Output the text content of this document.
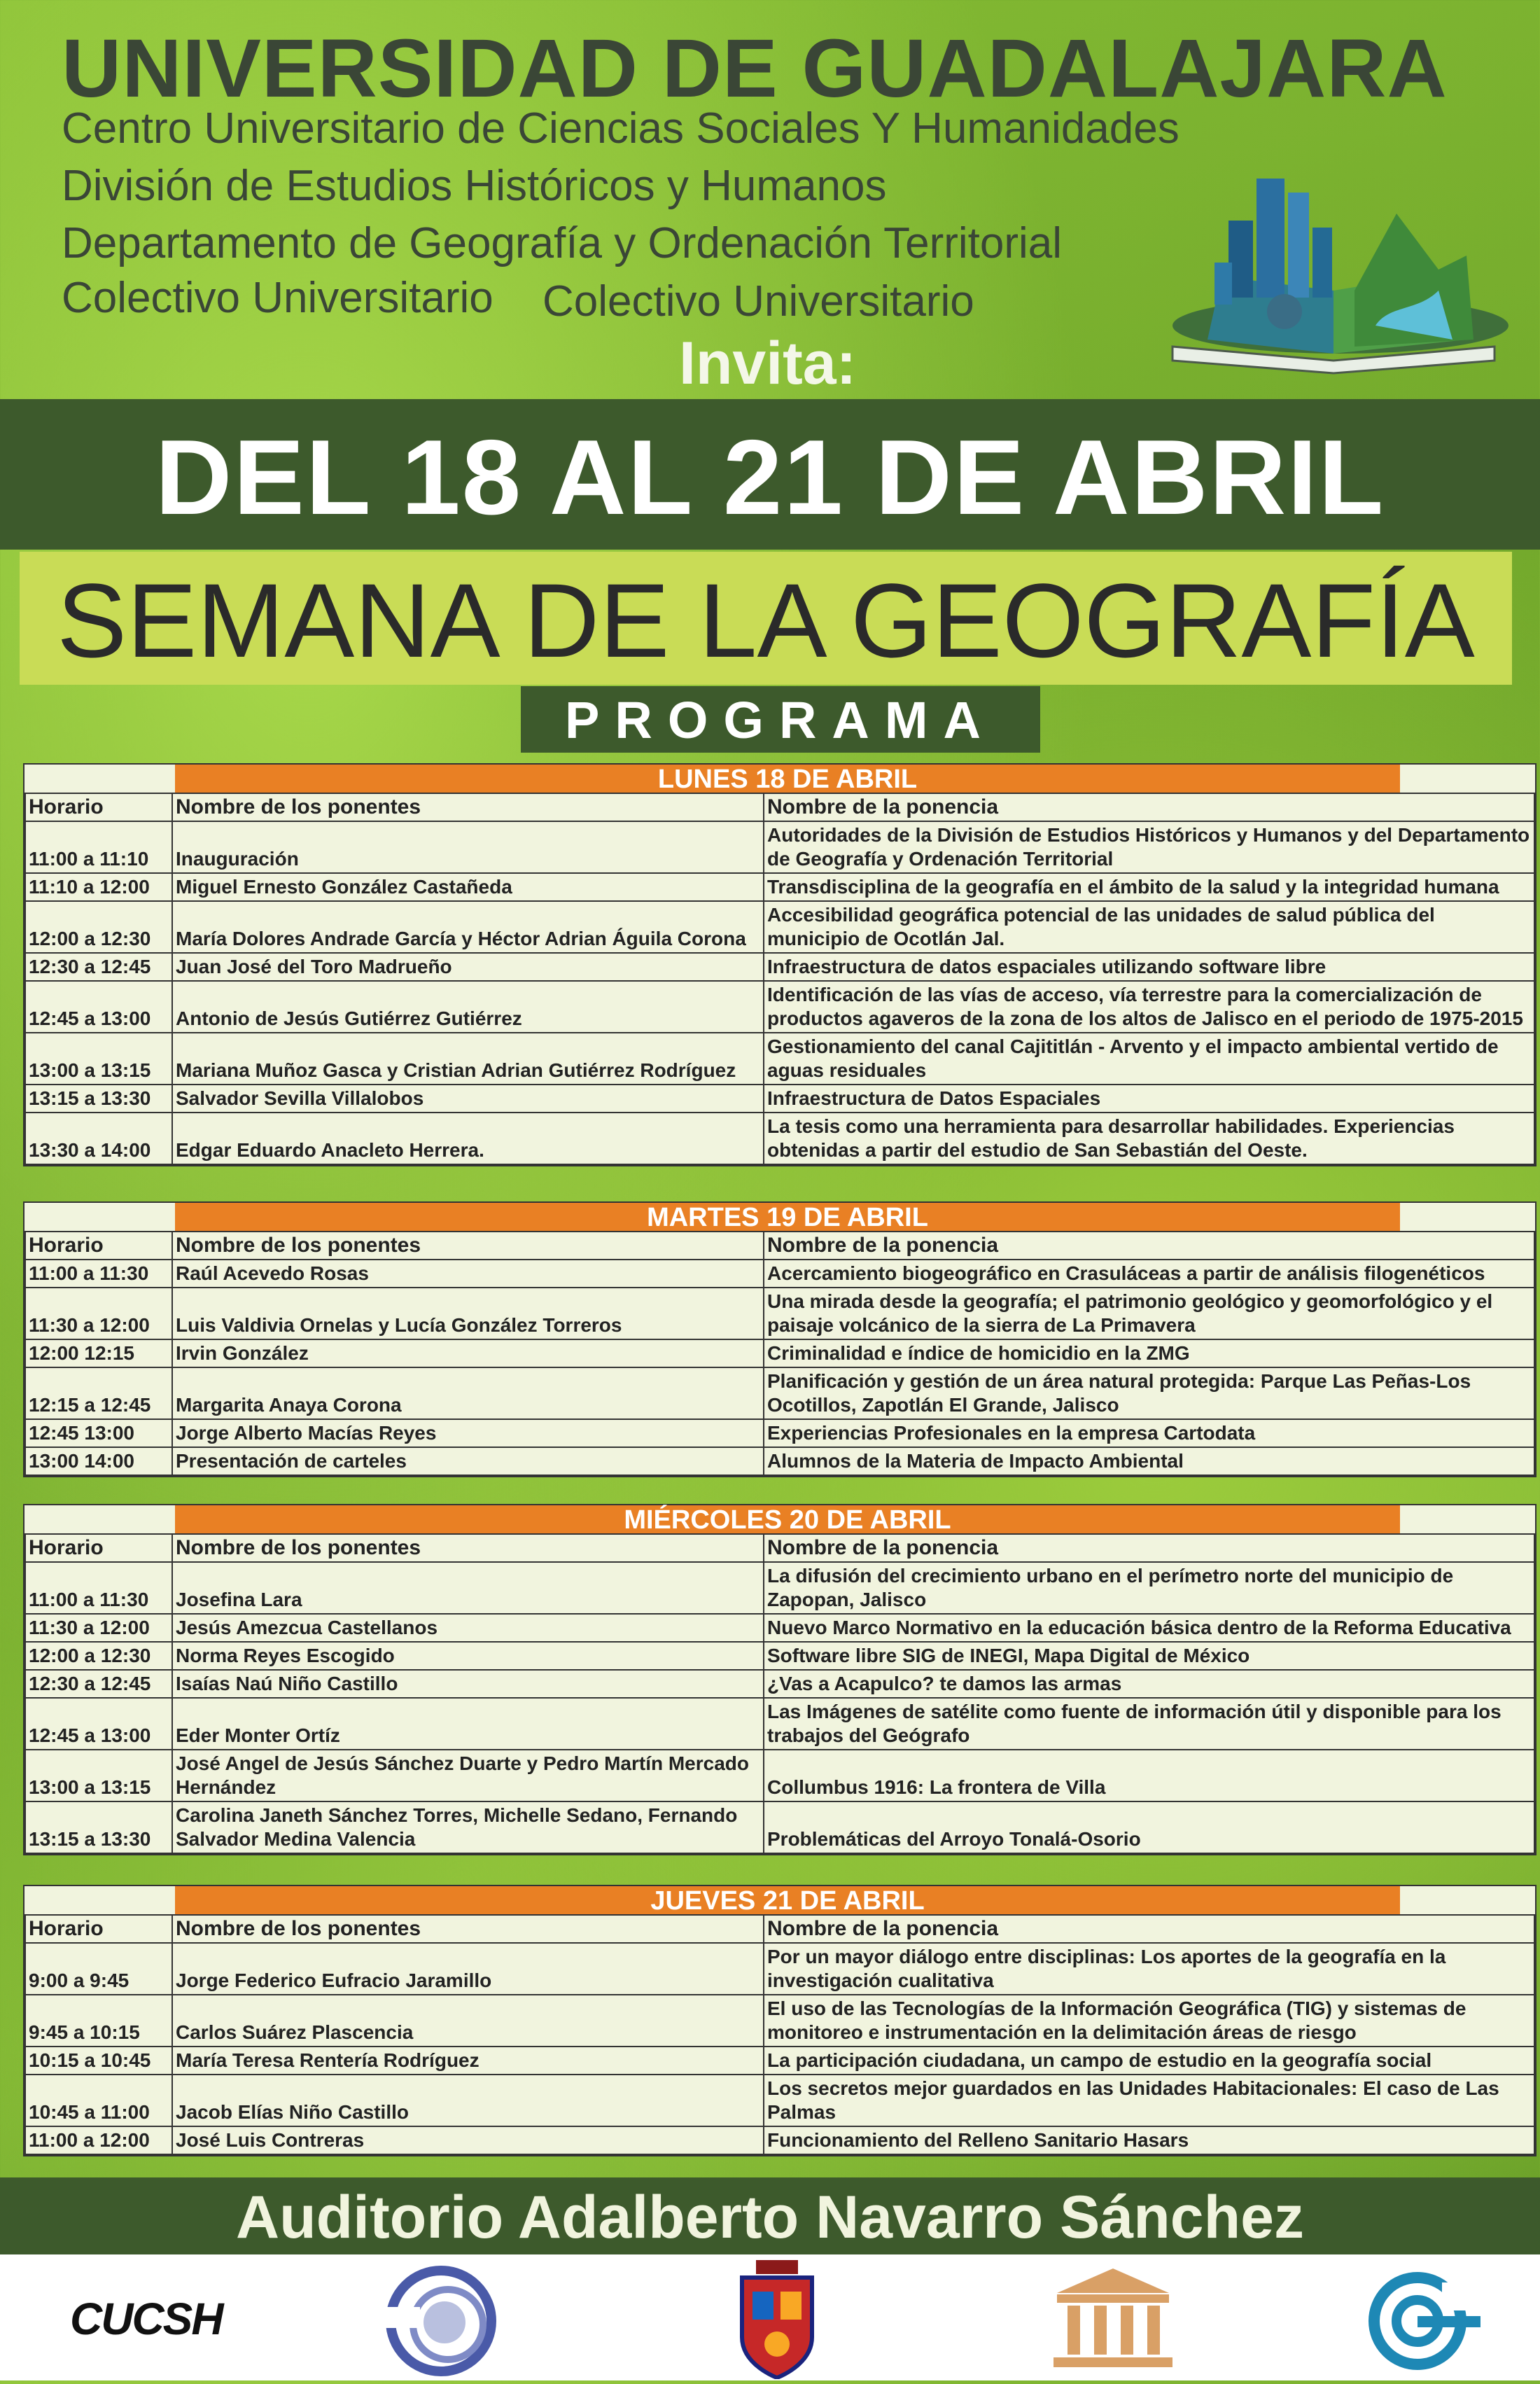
UNIVERSIDAD DE GUADALAJARA
Centro Universitario de Ciencias Sociales Y Humanidades
División de Estudios Históricos y Humanos
Departamento de Geografía y Ordenación Territorial
Colectivo Universitario Colectivo Universitario
Invita:
DEL 18 AL 21 DE ABRIL
SEMANA DE LA GEOGRAFÍA
PROGRAMA
LUNES 18 DE ABRIL
Horario	Nombre de los ponentes	Nombre de la ponencia
11:00 a 11:10	Inauguración	Autoridades de la División de Estudios Históricos y Humanos y del Departamento de Geografía y Ordenación Territorial
11:10 a 12:00	Miguel Ernesto González Castañeda	Transdisciplina de la geografía en el ámbito de la salud y la integridad humana
12:00 a 12:30	María Dolores Andrade García y Héctor Adrian Águila Corona	Accesibilidad geográfica potencial de las unidades de salud pública del municipio de Ocotlán Jal.
12:30 a 12:45	Juan José del Toro Madrueño	Infraestructura de datos espaciales utilizando software libre
12:45 a 13:00	Antonio de Jesús Gutiérrez Gutiérrez	Identificación de las vías de acceso, vía terrestre para la comercialización de productos agaveros de la zona de los altos de Jalisco en el periodo de 1975-2015
13:00 a 13:15	Mariana Muñoz Gasca y Cristian Adrian Gutiérrez Rodríguez	Gestionamiento del canal Cajititlán - Arvento y el impacto ambiental vertido de aguas residuales
13:15 a 13:30	Salvador Sevilla Villalobos	Infraestructura de Datos Espaciales
13:30 a 14:00	Edgar Eduardo Anacleto Herrera.	La tesis como una herramienta para desarrollar habilidades. Experiencias obtenidas a partir del estudio de San Sebastián del Oeste.
MARTES 19 DE ABRIL
Horario	Nombre de los ponentes	Nombre de la ponencia
11:00 a 11:30	Raúl Acevedo Rosas	Acercamiento biogeográfico en Crasuláceas a partir de análisis filogenéticos
11:30 a 12:00	Luis Valdivia Ornelas y Lucía González Torreros	Una mirada desde la geografía; el patrimonio geológico y geomorfológico y el paisaje volcánico de la sierra de La Primavera
12:00 12:15	Irvin González	Criminalidad e índice de homicidio en la ZMG
12:15 a 12:45	Margarita Anaya Corona	Planificación y gestión de un área natural protegida: Parque Las Peñas-Los Ocotillos, Zapotlán El Grande, Jalisco
12:45 13:00	Jorge Alberto Macías Reyes	Experiencias Profesionales en la empresa Cartodata
13:00 14:00	Presentación de carteles	Alumnos de la Materia de Impacto Ambiental
MIÉRCOLES 20 DE ABRIL
Horario	Nombre de los ponentes	Nombre de la ponencia
11:00 a 11:30	Josefina Lara	La difusión del crecimiento urbano en el perímetro norte del municipio de Zapopan, Jalisco
11:30 a 12:00	Jesús Amezcua Castellanos	Nuevo Marco Normativo en la educación básica dentro de la Reforma Educativa
12:00 a 12:30	Norma Reyes Escogido	Software libre SIG de INEGI, Mapa Digital de México
12:30 a 12:45	Isaías Naú Niño Castillo	¿Vas a Acapulco? te damos las armas
12:45 a 13:00	Eder Monter Ortíz	Las Imágenes de satélite como fuente de información útil y disponible para los trabajos del Geógrafo
13:00 a 13:15	José Angel de Jesús Sánchez Duarte y Pedro Martín Mercado Hernández	Collumbus 1916: La frontera de Villa
13:15 a 13:30	Carolina Janeth Sánchez Torres, Michelle Sedano, Fernando Salvador Medina Valencia	Problemáticas del Arroyo Tonalá-Osorio
JUEVES 21 DE ABRIL
Horario	Nombre de los ponentes	Nombre de la ponencia
9:00 a 9:45	Jorge Federico Eufracio Jaramillo	Por un mayor diálogo entre disciplinas: Los aportes de la geografía en la investigación cualitativa
9:45 a 10:15	Carlos Suárez Plascencia	El uso de las Tecnologías de la Información Geográfica (TIG) y sistemas de monitoreo e instrumentación en la delimitación áreas de riesgo
10:15 a 10:45	María Teresa Rentería Rodríguez	La participación ciudadana, un campo de estudio en la geografía social
10:45 a 11:00	Jacob Elías Niño Castillo	Los secretos mejor guardados en las Unidades Habitacionales: El caso de Las Palmas
11:00 a 12:00	José Luis Contreras	Funcionamiento del Relleno Sanitario Hasars
Auditorio Adalberto Navarro Sánchez
CUCSH
